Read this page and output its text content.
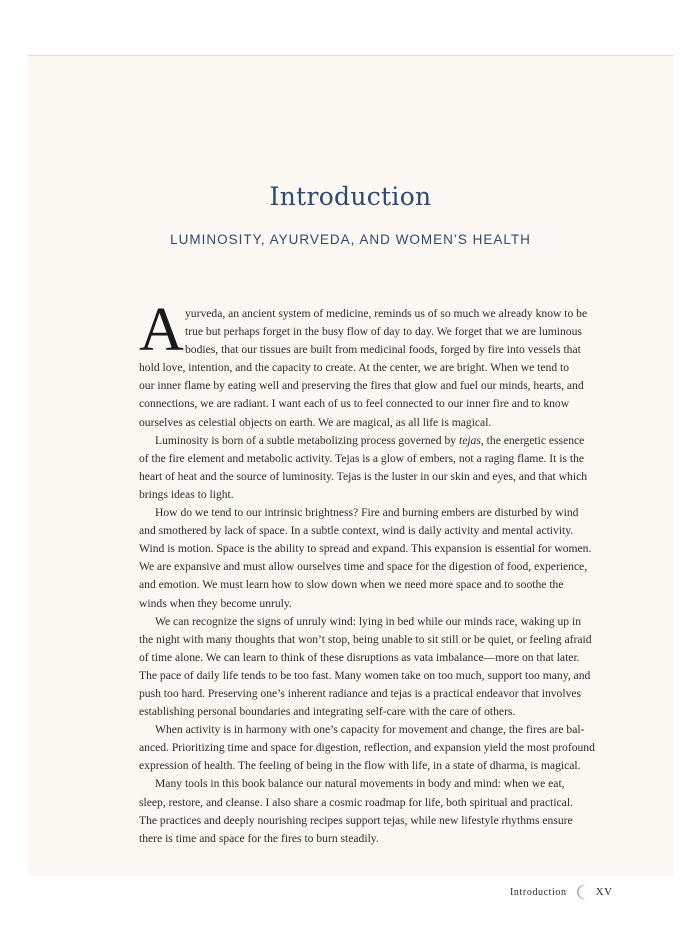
Introduction
LUMINOSITY, AYURVEDA, AND WOMEN’S HEALTH
A yurveda, an ancient system of medicine, reminds us of so much we already know to be
true but perhaps forget in the busy flow of day to day. We forget that we are luminous
bodies, that our tissues are built from medicinal foods, forged by fire into vessels that
hold love, intention, and the capacity to create. At the center, we are bright. When we tend to
our inner flame by eating well and preserving the fires that glow and fuel our minds, hearts, and
connections, we are radiant. I want each of us to feel connected to our inner fire and to know
ourselves as celestial objects on earth. We are magical, as all life is magical.
Luminosity is born of a subtle metabolizing process governed by tejas, the energetic essence
of the fire element and metabolic activity. Tejas is a glow of embers, not a raging flame. It is the
heart of heat and the source of luminosity. Tejas is the luster in our skin and eyes, and that which
brings ideas to light.
How do we tend to our intrinsic brightness? Fire and burning embers are disturbed by wind
and smothered by lack of space. In a subtle context, wind is daily activity and mental activity.
Wind is motion. Space is the ability to spread and expand. This expansion is essential for women.
We are expansive and must allow ourselves time and space for the digestion of food, experience,
and emotion. We must learn how to slow down when we need more space and to soothe the
winds when they become unruly.
We can recognize the signs of unruly wind: lying in bed while our minds race, waking up in
the night with many thoughts that won’t stop, being unable to sit still or be quiet, or feeling afraid
of time alone. We can learn to think of these disruptions as vata imbalance—more on that later.
The pace of daily life tends to be too fast. Many women take on too much, support too many, and
push too hard. Preserving one’s inherent radiance and tejas is a practical endeavor that involves
establishing personal boundaries and integrating self-care with the care of others.
When activity is in harmony with one’s capacity for movement and change, the fires are bal-
anced. Prioritizing time and space for digestion, reflection, and expansion yield the most profound
expression of health. The feeling of being in the flow with life, in a state of dharma, is magical.
Many tools in this book balance our natural movements in body and mind: when we eat,
sleep, restore, and cleanse. I also share a cosmic roadmap for life, both spiritual and practical.
The practices and deeply nourishing recipes support tejas, while new lifestyle rhythms ensure
there is time and space for the fires to burn steadily.
Introduction	XV
